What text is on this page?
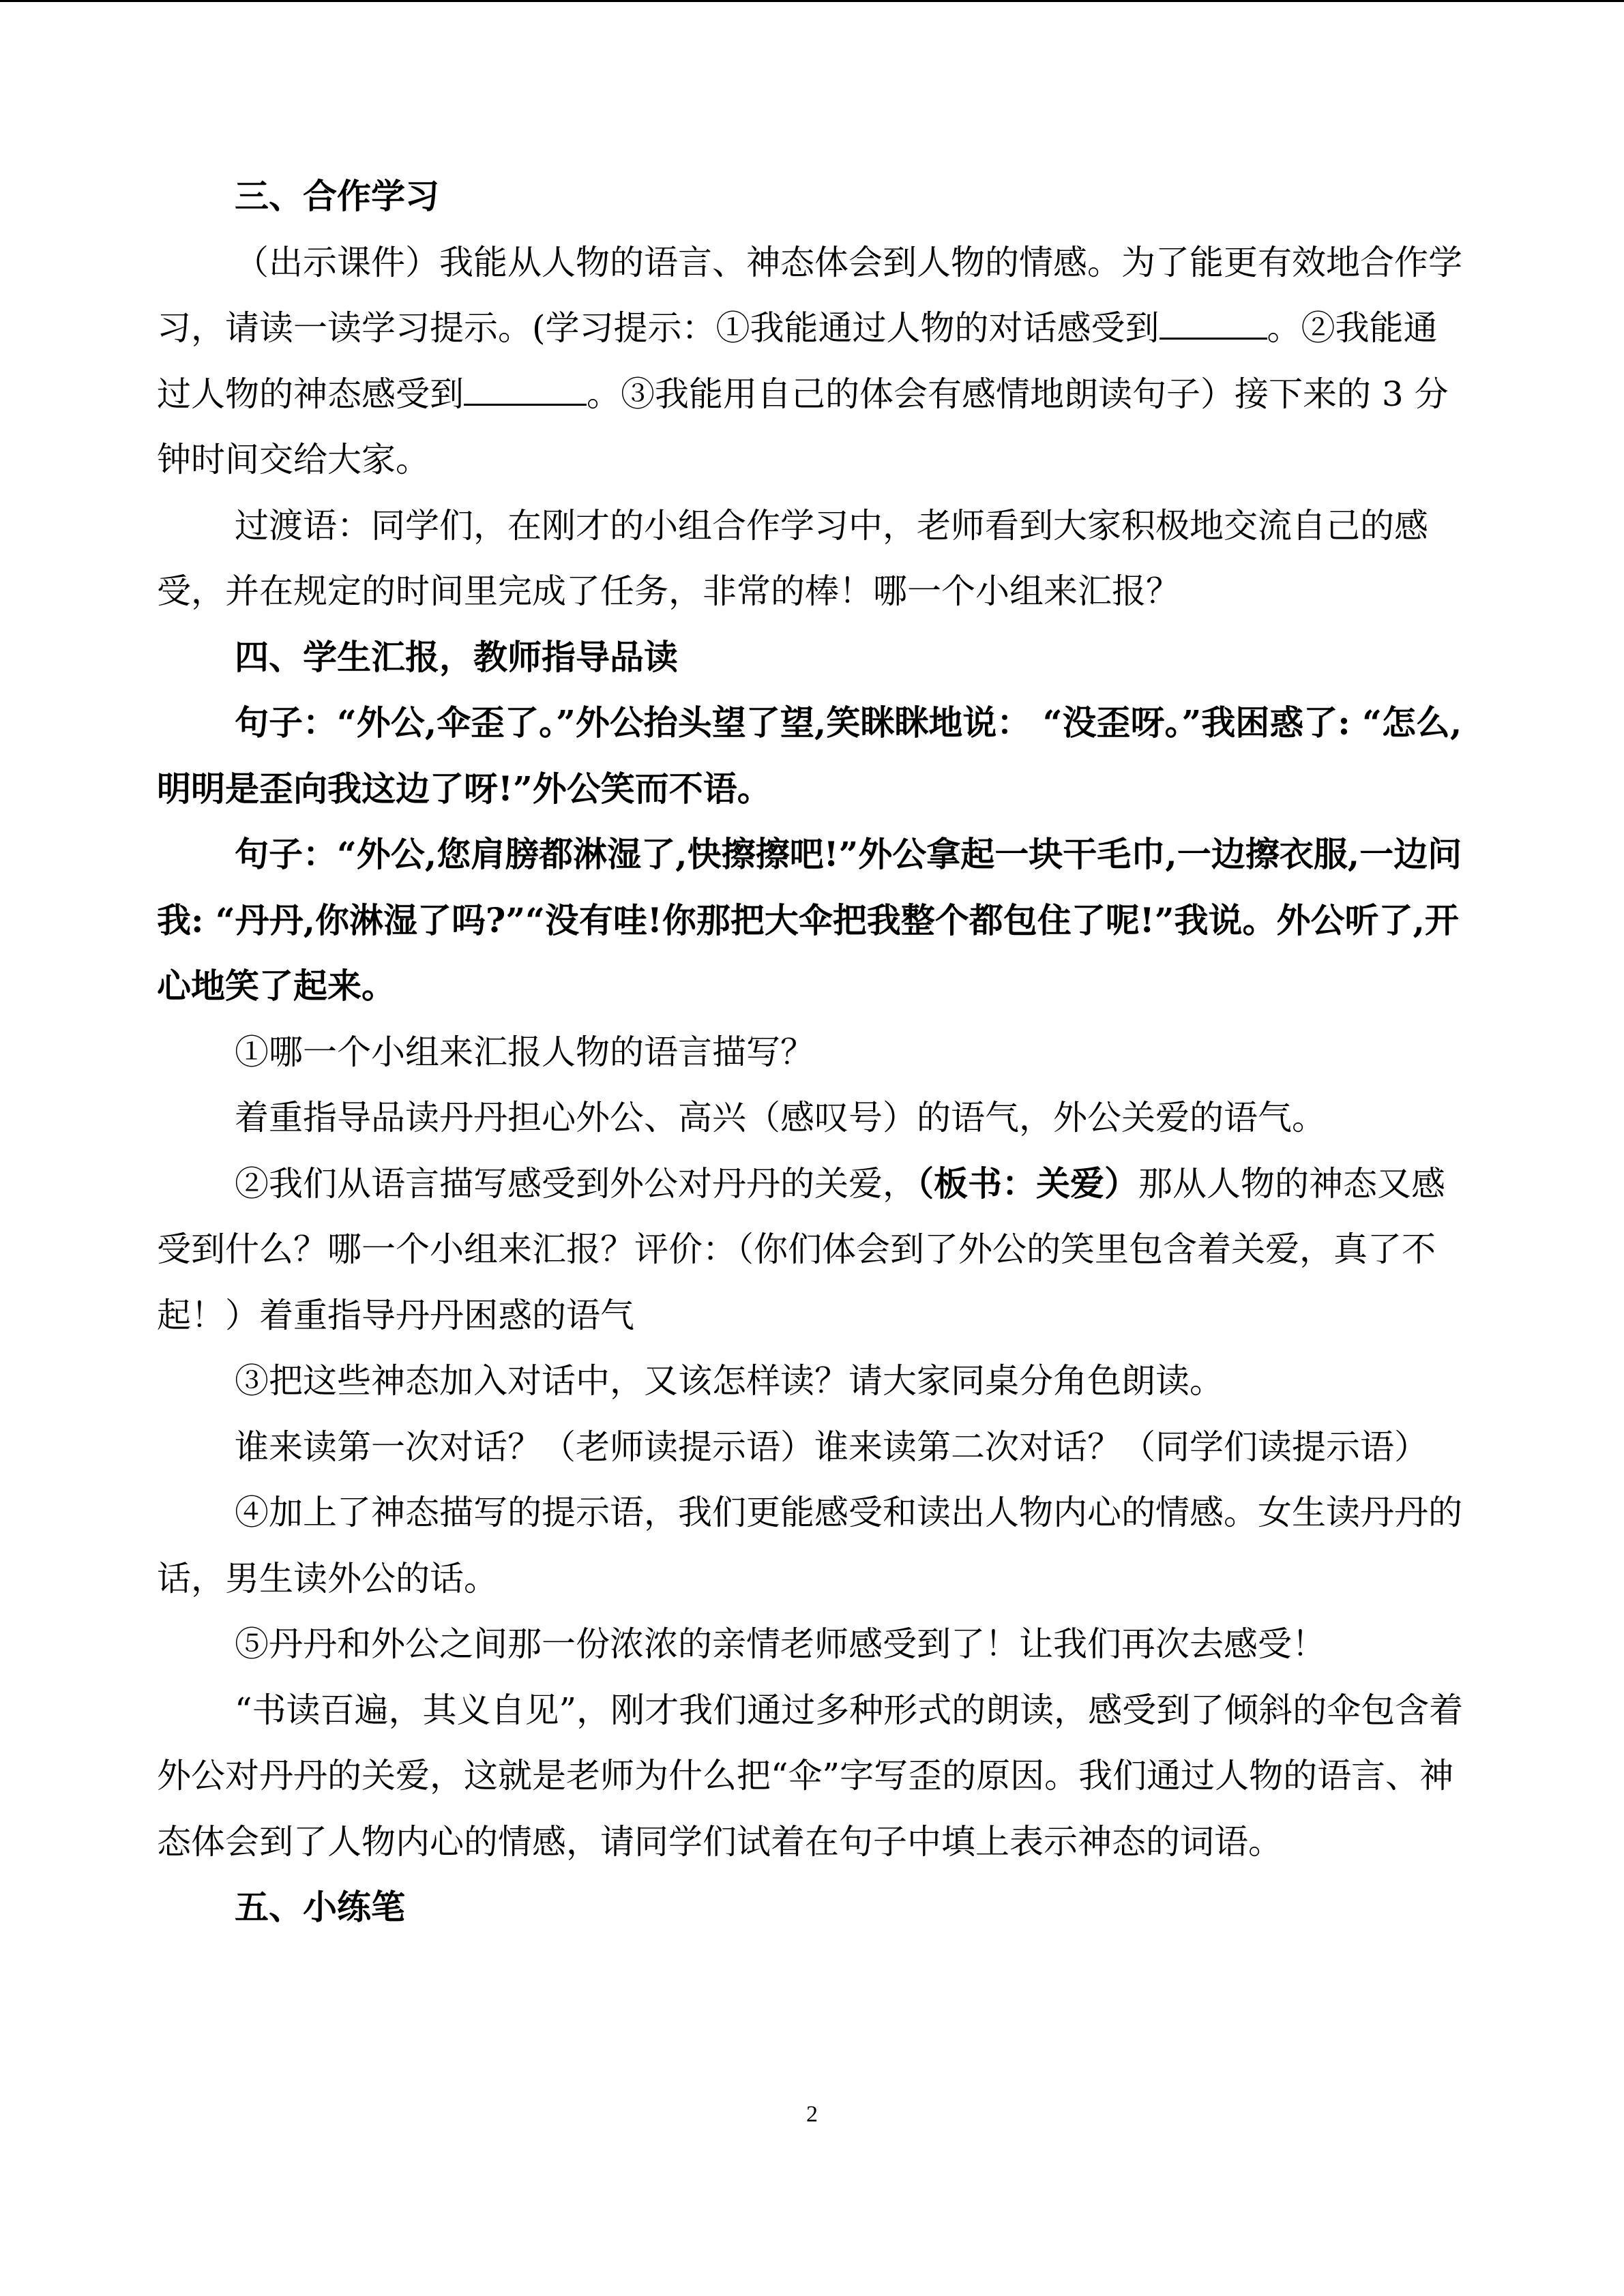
三、合作学习

（出示课件）我能从人物的语言、神态体会到人物的情感。为了能更有效地合作学习，请读一读学习提示。(学习提示：①我能通过人物的对话感受到	。②我能通过人物的神态感受到	。③我能用自己的体会有感情地朗读句子）接下来的 3 分钟时间交给大家。

过渡语：同学们，在刚才的小组合作学习中，老师看到大家积极地交流自己的感受，并在规定的时间里完成了任务，非常的棒！哪一个小组来汇报？

四、学生汇报，教师指导品读

句子：“外公,伞歪了。”外公抬头望了望,笑眯眯地说： “没歪呀。”我困惑了: “怎么,明明是歪向我这边了呀!”外公笑而不语。

句子：“外公,您肩膀都淋湿了,快擦擦吧!”外公拿起一块干毛巾,一边擦衣服,一边问我: “丹丹,你淋湿了吗?”“没有哇!你那把大伞把我整个都包住了呢!”我说。外公听了,开心地笑了起来。

①哪一个小组来汇报人物的语言描写？

着重指导品读丹丹担心外公、高兴（感叹号）的语气，外公关爱的语气。

②我们从语言描写感受到外公对丹丹的关爱，（板书：关爱）那从人物的神态又感受到什么？哪一个小组来汇报？评价：（你们体会到了外公的笑里包含着关爱，真了不起！）着重指导丹丹困惑的语气

③把这些神态加入对话中，又该怎样读？请大家同桌分角色朗读。

谁来读第一次对话？（老师读提示语）谁来读第二次对话？（同学们读提示语）

④加上了神态描写的提示语，我们更能感受和读出人物内心的情感。女生读丹丹的话，男生读外公的话。

⑤丹丹和外公之间那一份浓浓的亲情老师感受到了！让我们再次去感受！

“书读百遍，其义自见”，刚才我们通过多种形式的朗读，感受到了倾斜的伞包含着外公对丹丹的关爱，这就是老师为什么把“伞”字写歪的原因。我们通过人物的语言、神态体会到了人物内心的情感，请同学们试着在句子中填上表示神态的词语。

五、小练笔

2
